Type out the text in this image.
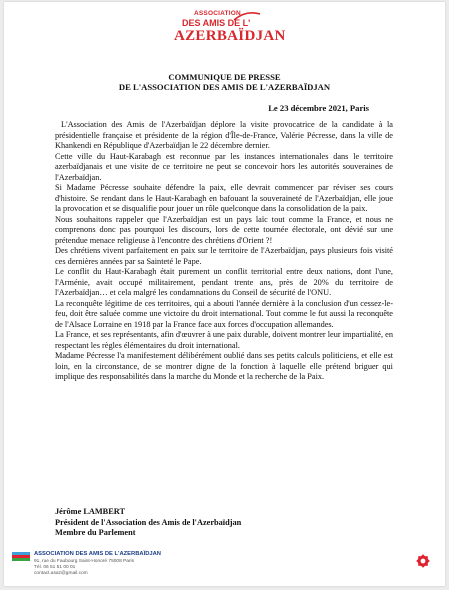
ASSOCIATION
DES AMIS DE L'
AZERBAÏDJAN
COMMUNIQUE DE PRESSE
DE L'ASSOCIATION DES AMIS DE L'AZERBAÏDJAN
Le 23 décembre 2021, Paris

L'Association des Amis de l'Azerbaïdjan déplore la visite provocatrice de la candidate à la présidentielle française et présidente de la région d'Île-de-France, Valérie Pécresse, dans la ville de Khankendi en République d'Azerbaïdjan le 22 décembre dernier.

Cette ville du Haut-Karabagh est reconnue par les instances internationales dans le territoire azerbaïdjanais et une visite de ce territoire ne peut se concevoir hors les autorités souveraines de l'Azerbaïdjan.

Si Madame Pécresse souhaite défendre la paix, elle devrait commencer par réviser ses cours d'histoire. Se rendant dans le Haut-Karabagh en bafouant la souveraineté de l'Azerbaïdjan, elle joue la provocation et se disqualifie pour jouer un rôle quelconque dans la consolidation de la paix.

Nous souhaitons rappeler que l'Azerbaïdjan est un pays laïc tout comme la France, et nous ne comprenons donc pas pourquoi les discours, lors de cette tournée électorale, ont dévié sur une prétendue menace religieuse à l'encontre des chrétiens d'Orient ?!

Des chrétiens vivent parfaitement en paix sur le territoire de l'Azerbaïdjan, pays plusieurs fois visité ces dernières années par sa Sainteté le Pape.

Le conflit du Haut-Karabagh était purement un conflit territorial entre deux nations, dont l'une, l'Arménie, avait occupé militairement, pendant trente ans, près de 20% du territoire de l'Azerbaïdjan… et cela malgré les condamnations du Conseil de sécurité de l'ONU.

La reconquête légitime de ces territoires, qui a abouti l'année dernière à la conclusion d'un cessez-le-feu, doit être saluée comme une victoire du droit international. Tout comme le fut aussi la reconquête de l'Alsace Lorraine en 1918 par la France face aux forces d'occupation allemandes.

La France, et ses représentants, afin d'œuvrer à une paix durable, doivent montrer leur impartialité, en respectant les règles élémentaires du droit international.

Madame Pécresse l'a manifestement délibérément oublié dans ses petits calculs politiciens, et elle est loin, en la circonstance, de se montrer digne de la fonction à laquelle elle prétend briguer qui implique des responsabilités dans la marche du Monde et la recherche de la Paix.

Jérôme LAMBERT
Président de l'Association des Amis de l'Azerbaïdjan
Membre du Parlement
ASSOCIATION DES AMIS DE L'AZERBAÏDJAN
91, rue du Faubourg Saint-Honoré 75008 Paris
Tél. 06 51 51 00 01
contact.asaz@gmail.com
